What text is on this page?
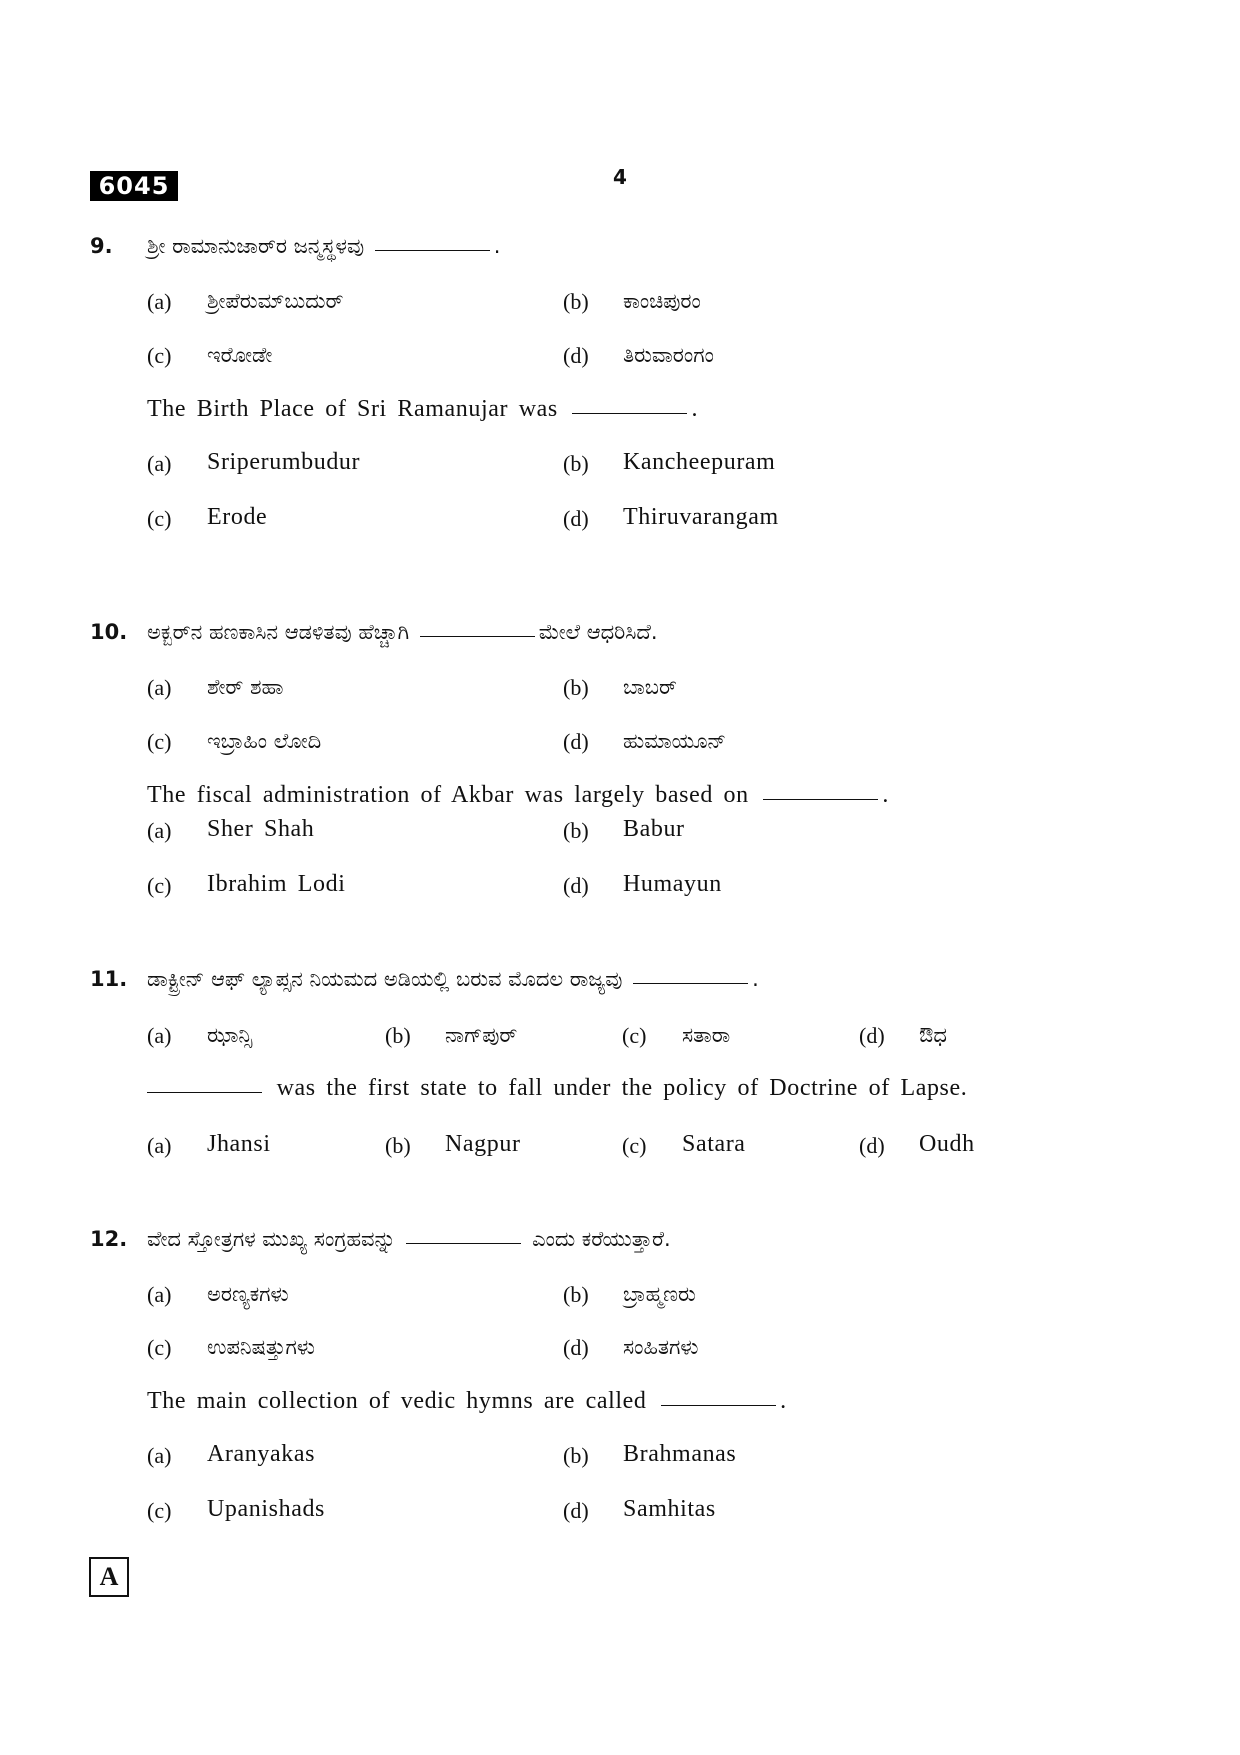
6045	4
9. ಶ್ರೀ ರಾಮಾನುಜಾರ್‌ರ ಜನ್ಮಸ್ಥಳವು	.
(a) ಶ್ರೀಪೆರುಮ್‌ಬುದುರ್	(b) ಕಾಂಚಿಪುರಂ
(c) ಇರೋಡೇ	(d) ತಿರುವಾರಂಗಂ
The Birth Place of Sri Ramanujar was	.
(a) Sriperumbudur	(b) Kancheepuram
(c) Erode	(d) Thiruvarangam
10. ಅಕ್ಬರ್‌ನ ಹಣಕಾಸಿನ ಆಡಳಿತವು ಹೆಚ್ಚಾಗಿ	ಮೇಲೆ ಆಧರಿಸಿದೆ.
(a) ಶೇರ್ ಶಹಾ	(b) ಬಾಬರ್
(c) ಇಬ್ರಾಹಿಂ ಲೋದಿ	(d) ಹುಮಾಯೂನ್
The fiscal administration of Akbar was largely based on	.
(a) Sher Shah	(b) Babur
(c) Ibrahim Lodi	(d) Humayun
11. ಡಾಕ್ಟ್ರೀನ್ ಆಫ್ ಲ್ಯಾಪ್ಸನ ನಿಯಮದ ಅಡಿಯಲ್ಲಿ ಬರುವ ಮೊದಲ ರಾಜ್ಯವು	.
(a) ಝಾನ್ಸಿ	(b) ನಾಗ್‌ಪುರ್	(c) ಸತಾರಾ	(d) ಔಧ
was the first state to fall under the policy of Doctrine of Lapse.
(a) Jhansi	(b) Nagpur	(c) Satara	(d) Oudh
12. ವೇದ ಸ್ತೋತ್ರಗಳ ಮುಖ್ಯ ಸಂಗ್ರಹವನ್ನು	ಎಂದು ಕರೆಯುತ್ತಾರೆ.
(a) ಅರಣ್ಯಕಗಳು	(b) ಬ್ರಾಹ್ಮಣರು
(c) ಉಪನಿಷತ್ತುಗಳು	(d) ಸಂಹಿತಗಳು
The main collection of vedic hymns are called	.
(a) Aranyakas	(b) Brahmanas
(c) Upanishads	(d) Samhitas
A
